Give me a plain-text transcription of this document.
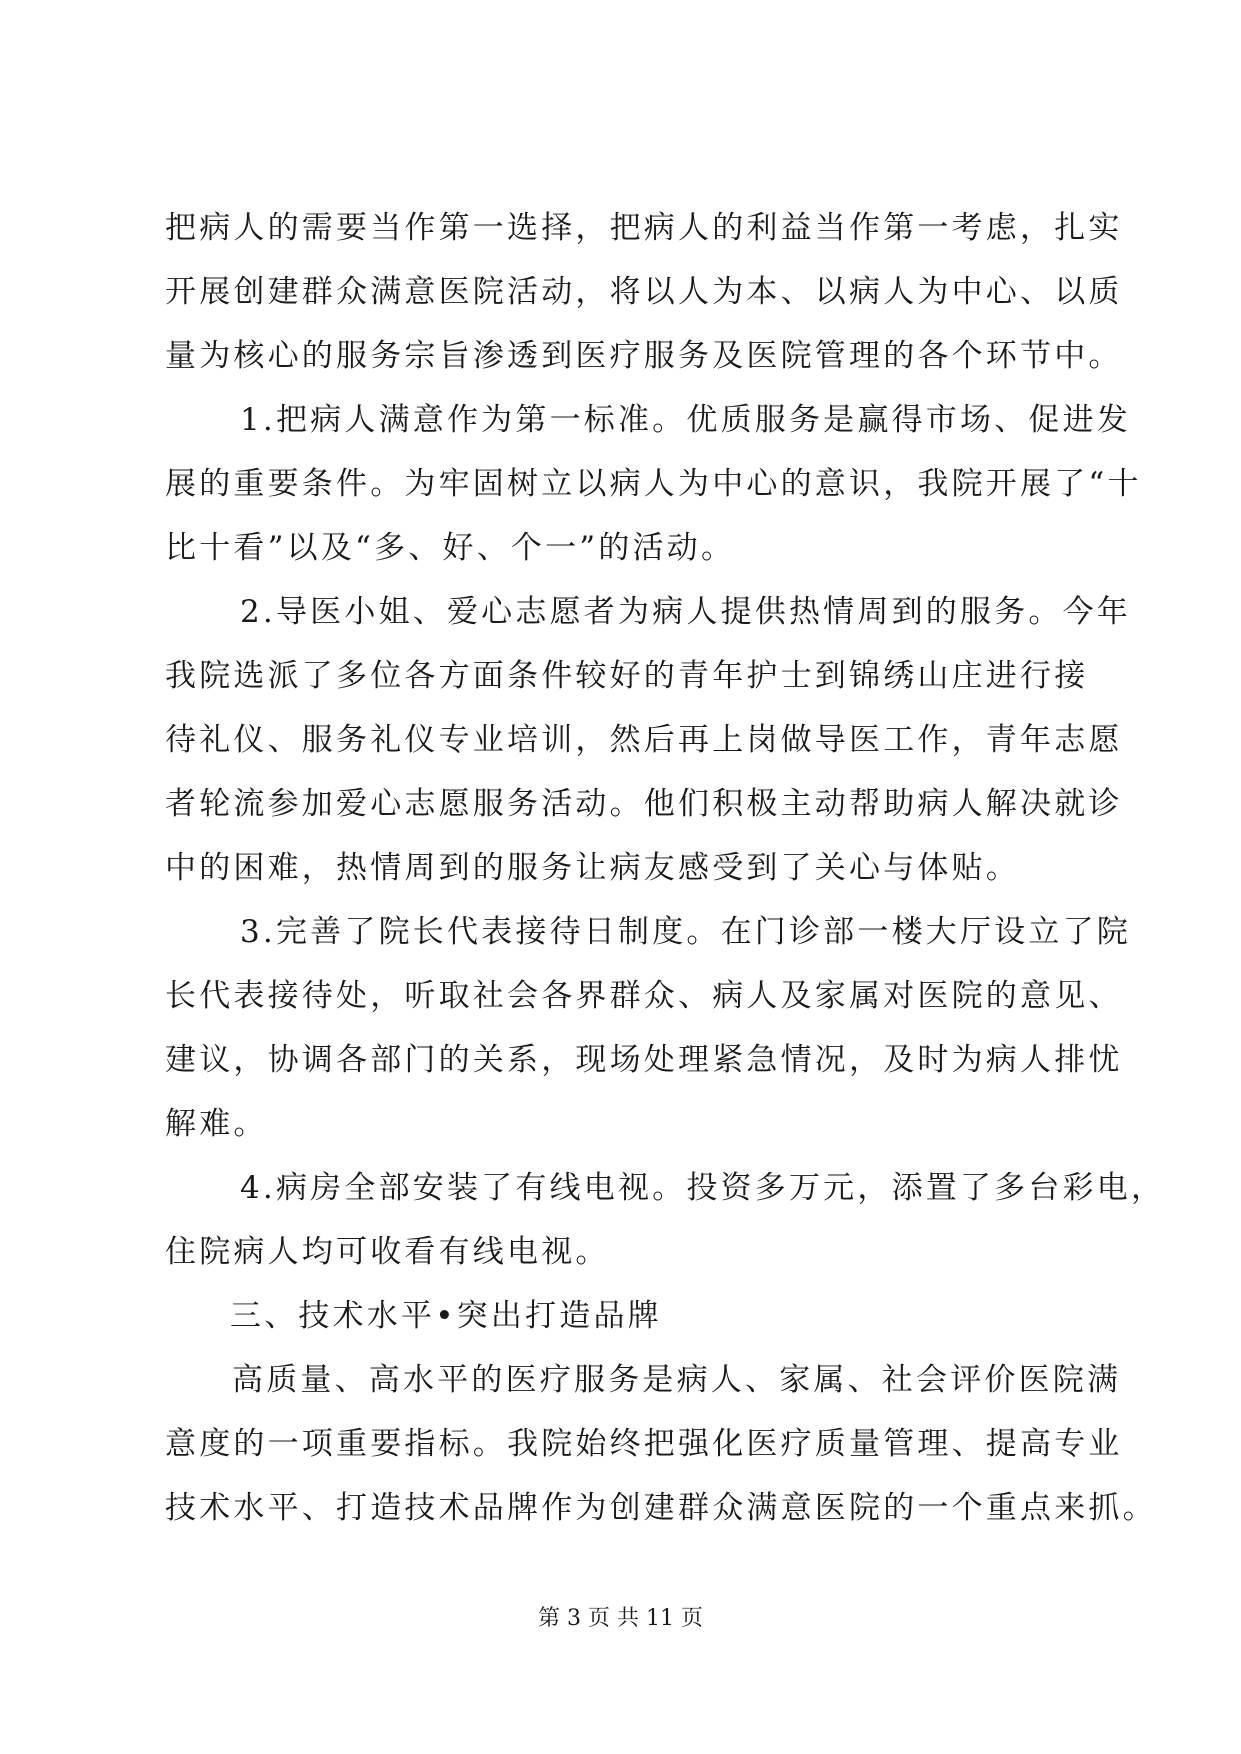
把病人的需要当作第一选择，把病人的利益当作第一考虑，扎实
开展创建群众满意医院活动，将以人为本、以病人为中心、以质
量为核心的服务宗旨渗透到医疗服务及医院管理的各个环节中。
1.把病人满意作为第一标准。优质服务是赢得市场、促进发
展的重要条件。为牢固树立以病人为中心的意识，我院开展了“十
比十看”以及“多、好、个一”的活动。
2.导医小姐、爱心志愿者为病人提供热情周到的服务。今年
我院选派了多位各方面条件较好的青年护士到锦绣山庄进行接
待礼仪、服务礼仪专业培训，然后再上岗做导医工作，青年志愿
者轮流参加爱心志愿服务活动。他们积极主动帮助病人解决就诊
中的困难，热情周到的服务让病友感受到了关心与体贴。
3.完善了院长代表接待日制度。在门诊部一楼大厅设立了院
长代表接待处，听取社会各界群众、病人及家属对医院的意见、
建议，协调各部门的关系，现场处理紧急情况，及时为病人排忧
解难。
4.病房全部安装了有线电视。投资多万元，添置了多台彩电，
住院病人均可收看有线电视。
三、技术水平•突出打造品牌
高质量、高水平的医疗服务是病人、家属、社会评价医院满
意度的一项重要指标。我院始终把强化医疗质量管理、提高专业
技术水平、打造技术品牌作为创建群众满意医院的一个重点来抓。
第 3 页 共 11 页
